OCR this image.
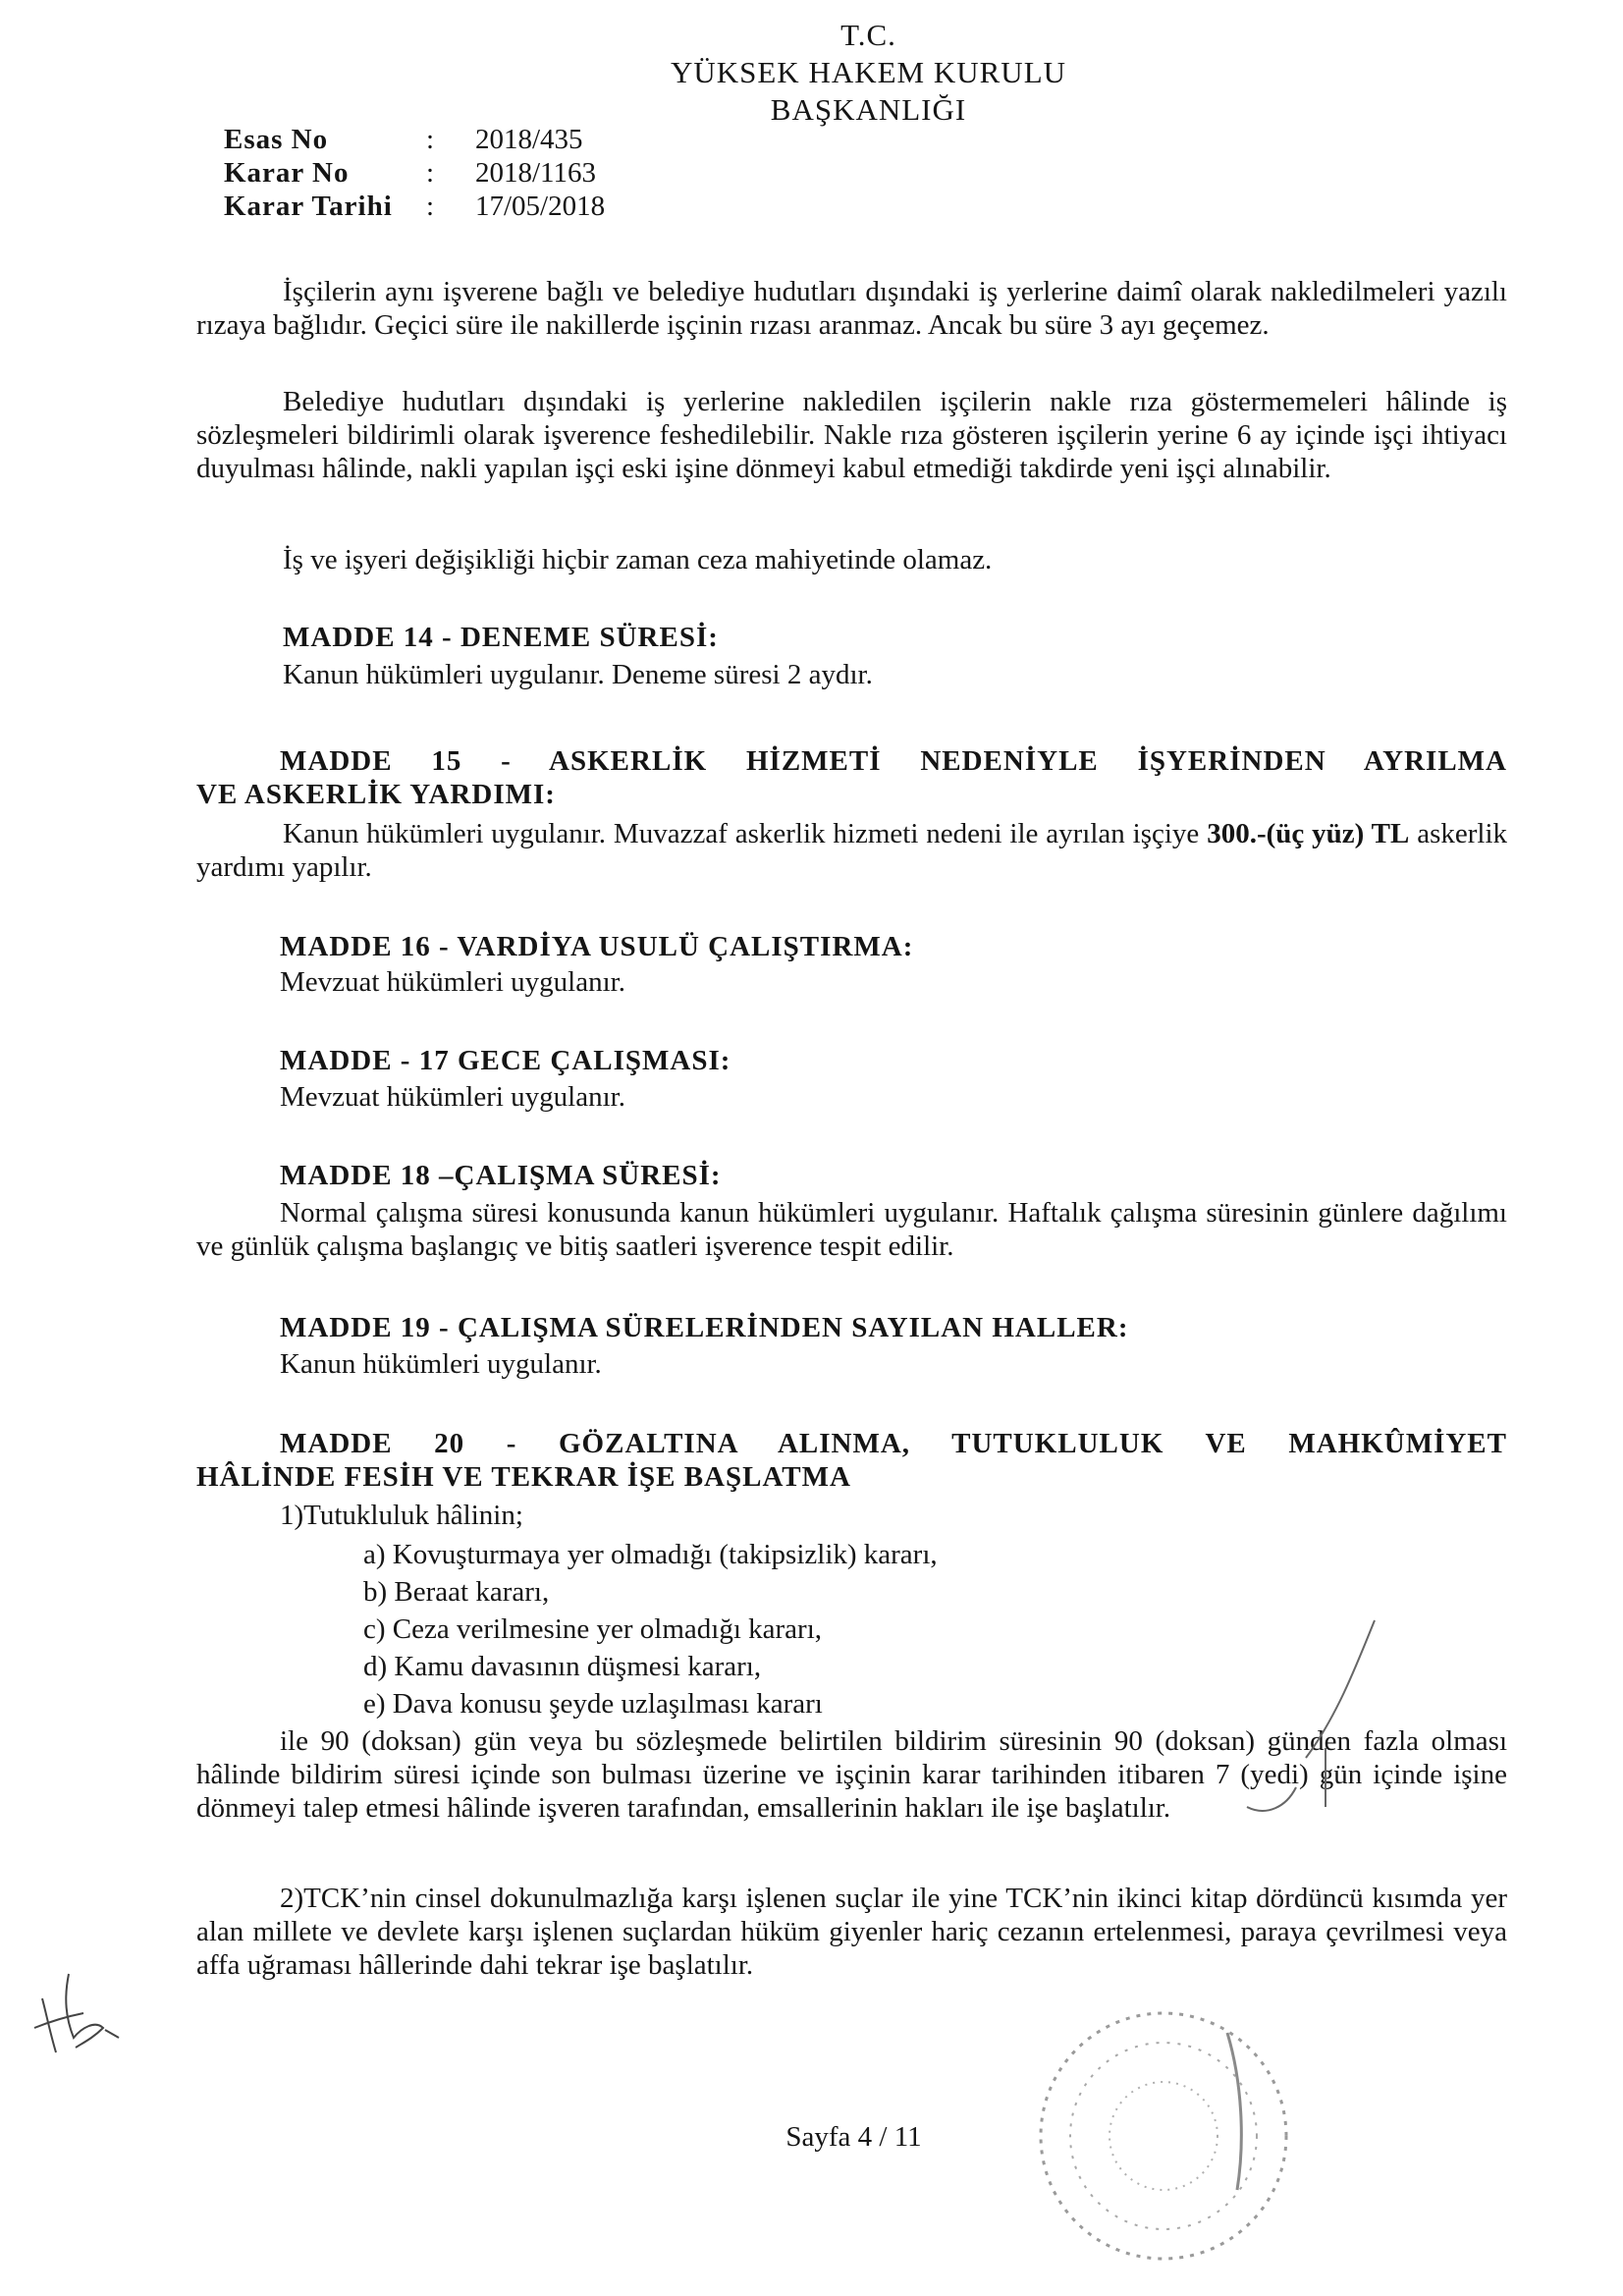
T.C.
YÜKSEK HAKEM KURULU
BAŞKANLIĞI
Esas No	: 2018/435
Karar No	: 2018/1163
Karar Tarihi : 17/05/2018

İşçilerin aynı işverene bağlı ve belediye hudutları dışındaki iş yerlerine daimî olarak nakledilmeleri yazılı rızaya bağlıdır. Geçici süre ile nakillerde işçinin rızası aranmaz. Ancak bu süre 3 ayı geçemez.

Belediye hudutları dışındaki iş yerlerine nakledilen işçilerin nakle rıza göstermemeleri hâlinde iş sözleşmeleri bildirimli olarak işverence feshedilebilir. Nakle rıza gösteren işçilerin yerine 6 ay içinde işçi ihtiyacı duyulması hâlinde, nakli yapılan işçi eski işine dönmeyi kabul etmediği takdirde yeni işçi alınabilir.

İş ve işyeri değişikliği hiçbir zaman ceza mahiyetinde olamaz.

MADDE 14 - DENEME SÜRESİ:
Kanun hükümleri uygulanır. Deneme süresi 2 aydır.
MADDE 15 - ASKERLİK HİZMETİ NEDENİYLE İŞYERİNDEN AYRILMA
VE ASKERLİK YARDIMI:

Kanun hükümleri uygulanır. Muvazzaf askerlik hizmeti nedeni ile ayrılan işçiye 300.-(üç yüz) TL askerlik yardımı yapılır.

MADDE 16 - VARDİYA USULÜ ÇALIŞTIRMA:
Mevzuat hükümleri uygulanır.
MADDE - 17 GECE ÇALIŞMASI:
Mevzuat hükümleri uygulanır.
MADDE 18 –ÇALIŞMA SÜRESİ:

Normal çalışma süresi konusunda kanun hükümleri uygulanır. Haftalık çalışma süresinin günlere dağılımı ve günlük çalışma başlangıç ve bitiş saatleri işverence tespit edilir.

MADDE 19 - ÇALIŞMA SÜRELERİNDEN SAYILAN HALLER:
Kanun hükümleri uygulanır.
MADDE 20 - GÖZALTINA ALINMA, TUTUKLULUK VE MAHKÛMİYET
HÂLİNDE FESİH VE TEKRAR İŞE BAŞLATMA
1)Tutukluluk hâlinin;
a) Kovuşturmaya yer olmadığı (takipsizlik) kararı,
b) Beraat kararı,
c) Ceza verilmesine yer olmadığı kararı,
d) Kamu davasının düşmesi kararı,
e) Dava konusu şeyde uzlaşılması kararı

ile 90 (doksan) gün veya bu sözleşmede belirtilen bildirim süresinin 90 (doksan) günden fazla olması hâlinde bildirim süresi içinde son bulması üzerine ve işçinin karar tarihinden itibaren 7 (yedi) gün içinde işine dönmeyi talep etmesi hâlinde işveren tarafından, emsallerinin hakları ile işe başlatılır.

2)TCK’nin cinsel dokunulmazlığa karşı işlenen suçlar ile yine TCK’nin ikinci kitap dördüncü kısımda yer alan millete ve devlete karşı işlenen suçlardan hüküm giyenler hariç cezanın ertelenmesi, paraya çevrilmesi veya affa uğraması hâllerinde dahi tekrar işe başlatılır.

Sayfa 4 / 11
